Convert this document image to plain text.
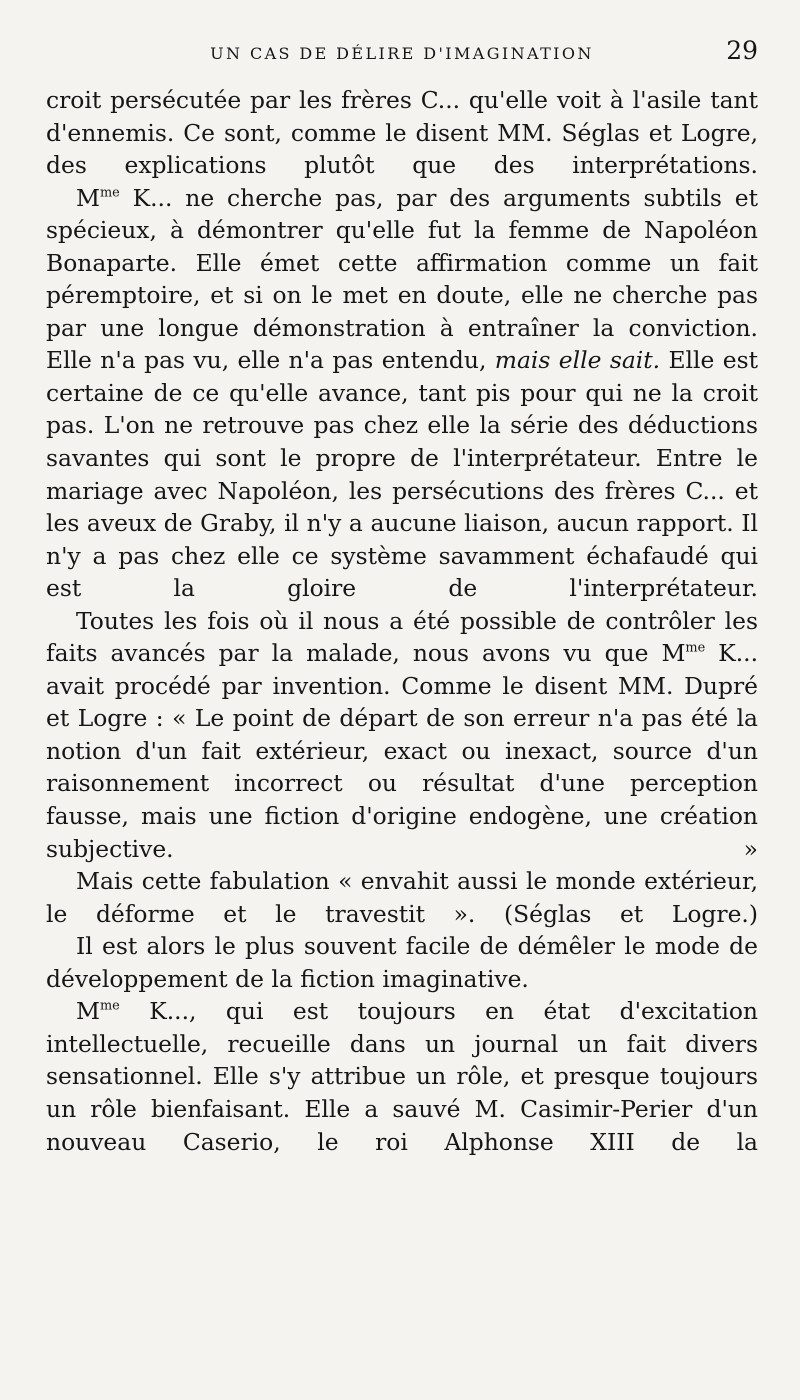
UN CAS DE DÉLIRE D'IMAGINATION	29

croit persécutée par les frères C... qu'elle voit à l'asile tant d'ennemis. Ce sont, comme le disent MM. Séglas et Logre, des explications plutôt que des interprétations.

$M^{me}$ K... ne cherche pas, par des arguments subtils et spécieux, à démontrer qu'elle fut la femme de Napoléon Bonaparte. Elle émet cette affirmation comme un fait péremptoire, et si on le met en doute, elle ne cherche pas par une longue démonstration à entraîner la conviction. Elle n'a pas vu, elle n'a pas entendu, mais elle sait. Elle est certaine de ce qu'elle avance, tant pis pour qui ne la croit pas. L'on ne retrouve pas chez elle la série des déductions savantes qui sont le propre de l'interprétateur. Entre le mariage avec Napoléon, les persécutions des frères C... et les aveux de Graby, il n'y a aucune liaison, aucun rapport. Il n'y a pas chez elle ce système savamment échafaudé qui est la gloire de l'interprétateur.

Toutes les fois où il nous a été possible de contrôler les faits avancés par la malade, nous avons vu que $M^{me}$ K... avait procédé par invention. Comme le disent MM. Dupré et Logre : « Le point de départ de son erreur n'a pas été la notion d'un fait extérieur, exact ou inexact, source d'un raisonnement incorrect ou résultat d'une perception fausse, mais une fiction d'origine endogène, une création subjective. »

Mais cette fabulation « envahit aussi le monde extérieur, le déforme et le travestit ». (Séglas et Logre.)

Il est alors le plus souvent facile de démêler le mode de développement de la fiction imaginative.

$M^{me}$ K..., qui est toujours en état d'excitation intellectuelle, recueille dans un journal un fait divers sensationnel. Elle s'y attribue un rôle, et presque toujours un rôle bienfaisant. Elle a sauvé M. Casimir-Perier d'un nouveau Caserio, le roi Alphonse XIII de la
